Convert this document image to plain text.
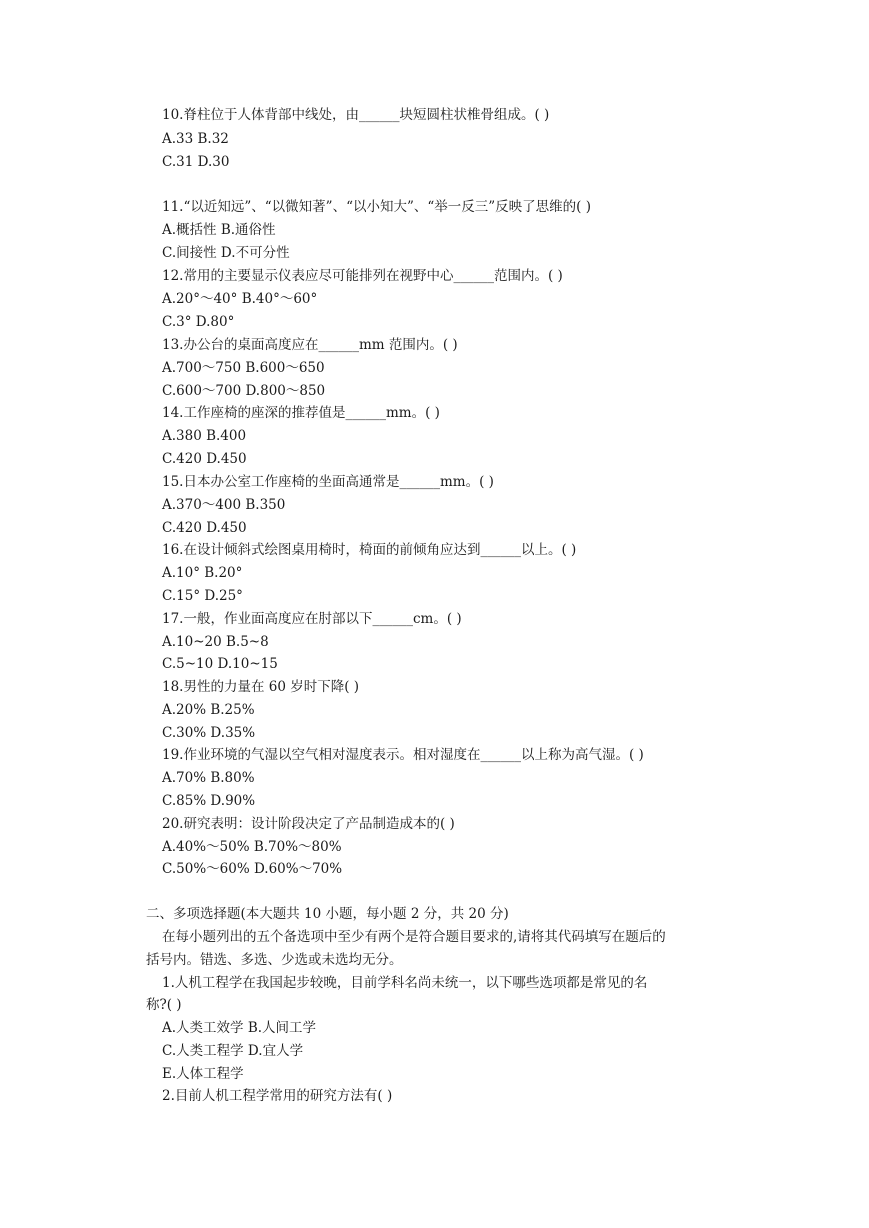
10.脊柱位于人体背部中线处，由______块短圆柱状椎骨组成。( )
A.33 B.32
C.31 D.30
11.“以近知远”、“以微知著”、“以小知大”、“举一反三”反映了思维的( )
A.概括性 B.通俗性
C.间接性 D.不可分性
12.常用的主要显示仪表应尽可能排列在视野中心______范围内。( )
A.20°～40° B.40°～60°
C.3° D.80°
13.办公台的桌面高度应在______mm 范围内。( )
A.700～750 B.600～650
C.600～700 D.800～850
14.工作座椅的座深的推荐值是______mm。( )
A.380 B.400
C.420 D.450
15.日本办公室工作座椅的坐面高通常是______mm。( )
A.370～400 B.350
C.420 D.450
16.在设计倾斜式绘图桌用椅时，椅面的前倾角应达到______以上。( )
A.10° B.20°
C.15° D.25°
17.一般，作业面高度应在肘部以下______cm。( )
A.10~20 B.5~8
C.5~10 D.10~15
18.男性的力量在 60 岁时下降( )
A.20% B.25%
C.30% D.35%
19.作业环境的气湿以空气相对湿度表示。相对湿度在______以上称为高气湿。( )
A.70% B.80%
C.85% D.90%
20.研究表明：设计阶段决定了产品制造成本的( )
A.40%～50% B.70%～80%
C.50%～60% D.60%～70%
二、多项选择题(本大题共 10 小题，每小题 2 分，共 20 分)
在每小题列出的五个备选项中至少有两个是符合题目要求的,请将其代码填写在题后的
括号内。错选、多选、少选或未选均无分。
1.人机工程学在我国起步较晚，目前学科名尚未统一，以下哪些选项都是常见的名
称?( )
A.人类工效学 B.人间工学
C.人类工程学 D.宜人学
E.人体工程学
2.目前人机工程学常用的研究方法有( )
